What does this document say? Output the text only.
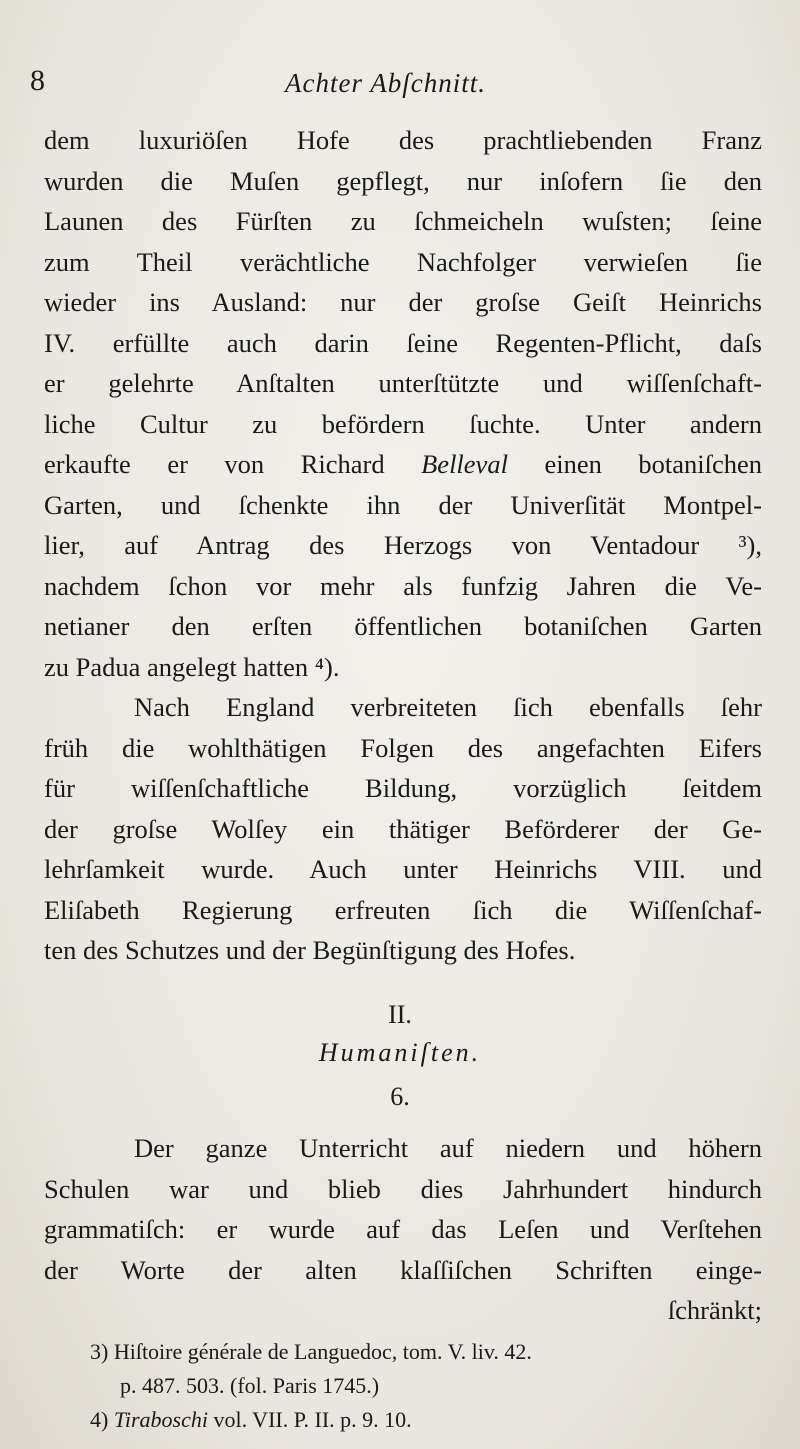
8	Achter Abſchnitt.
dem luxuriöſen Hofe des prachtliebenden Franz
wurden die Muſen gepflegt, nur inſofern ſie den
Launen des Fürſten zu ſchmeicheln wuſsten; ſeine
zum Theil verächtliche Nachfolger verwieſen ſie
wieder ins Ausland: nur der groſse Geiſt Heinrichs
IV. erfüllte auch darin ſeine Regenten-Pflicht, daſs
er gelehrte Anſtalten unterſtützte und wiſſenſchaft-
liche Cultur zu befördern ſuchte. Unter andern
erkaufte er von Richard Belleval einen botaniſchen
Garten, und ſchenkte ihn der Univerſität Montpel-
lier, auf Antrag des Herzogs von Ventadour ³),
nachdem ſchon vor mehr als funfzig Jahren die Ve-
netianer den erſten öffentlichen botaniſchen Garten
zu Padua angelegt hatten ⁴).
Nach England verbreiteten ſich ebenfalls ſehr
früh die wohlthätigen Folgen des angefachten Eifers
für wiſſenſchaftliche Bildung, vorzüglich ſeitdem
der groſse Wolſey ein thätiger Beförderer der Ge-
lehrſamkeit wurde. Auch unter Heinrichs VIII. und
Eliſabeth Regierung erfreuten ſich die Wiſſenſchaf-
ten des Schutzes und der Begünſtigung des Hofes.
II.
Humaniſten.
6.
Der ganze Unterricht auf niedern und höhern
Schulen war und blieb dies Jahrhundert hindurch
grammatiſch: er wurde auf das Leſen und Verſtehen
der Worte der alten klaſſiſchen Schriften einge-
ſchränkt;
3) Hiſtoire générale de Languedoc, tom. V. liv. 42.
p. 487. 503. (fol. Paris 1745.)
4) Tiraboschi vol. VII. P. II. p. 9. 10.
